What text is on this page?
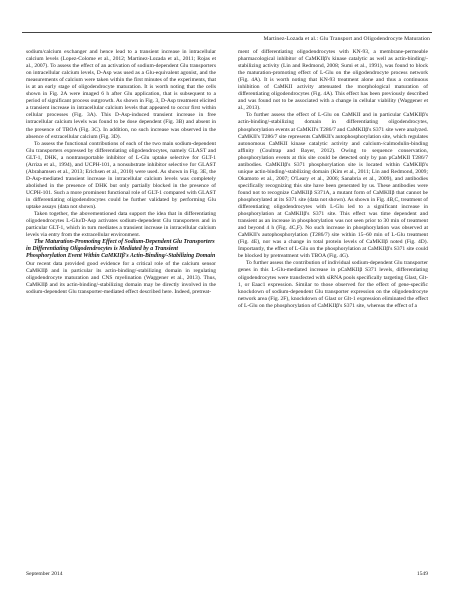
Martinez-Lozada et al.: Glu Transport and Oligodendrocyte Maturation

sodium/calcium exchanger and hence lead to a transient increase in intracellular calcium levels (Lopez-Colome et al., 2012; Martinez-Lozada et al., 2011; Rojas et al., 2007). To assess the effect of an activation of sodium-dependent Glu transporters on intracellular calcium levels, D-Asp was used as a Glu-equivalent agonist, and the measurements of calcium were taken within the first minutes of the experiments, that is at an early stage of oligodendrocyte maturation. It is worth noting that the cells shown in Fig. 2A were imaged 6 h after Glu application, that is subsequent to a period of significant process outgrowth. As shown in Fig. 3, D-Asp treatment elicited a transient increase in intracellular calcium levels that appeared to occur first within cellular processes (Fig. 3A). This D-Asp-induced transient increase in free intracellular calcium levels was found to be dose dependent (Fig. 3B) and absent in the presence of TBOA (Fig. 3C). In addition, no such increase was observed in the absence of extracellular calcium (Fig. 3D).

To assess the functional contributions of each of the two main sodium-dependent Glu transporters expressed by differentiating oligodendrocytes, namely GLAST and GLT-1, DHK, a nontransportable inhibitor of L-Glu uptake selective for GLT-1 (Arriza et al., 1994), and UCPH-101, a nonsubstrate inhibitor selective for GLAST (Abrahamsen et al., 2013; Erichsen et al., 2010) were used. As shown in Fig. 3E, the D-Asp-mediated transient increase in intracellular calcium levels was completely abolished in the presence of DHK but only partially blocked in the presence of UCPH-101. Such a more prominent functional role of GLT-1 compared with GLAST in differentiating oligodendrocytes could be further validated by performing Glu uptake assays (data not shown).

Taken together, the abovementioned data support the idea that in differentiating oligodendrocytes L-Glu/D-Asp activates sodium-dependent Glu transporters and in particular GLT-1, which in turn mediates a transient increase in intracellular calcium levels via entry from the extracellular environment.

The Maturation-Promoting Effect of Sodium-Dependent Glu Transporters in Differentiating Oligodendrocytes is Mediated by a Transient Phosphorylation Event Within CaMKIIβ's Actin-Binding/-Stabilizing Domain

Our recent data provided good evidence for a critical role of the calcium sensor CaMKIIβ and in particular its actin-binding/-stabilizing domain in regulating oligodendrocyte maturation and CNS myelination (Waggener et al., 2013). Thus, CaMKIIβ and its actin-binding/-stabilizing domain may be directly involved in the sodium-dependent Glu transporter-mediated effect described here. Indeed, pretreat-

ment of differentiating oligodendrocytes with KN-93, a membrane-permeable pharmacological inhibitor of CaMKIIβ's kinase catalytic as well as actin-binding/-stabilizing activity (Lin and Redmond, 2008; Sumi et al., 1991), was found to block the maturation-promoting effect of L-Glu on the oligodendrocyte process network (Fig. 4A). It is worth noting that KN-93 treatment alone and thus a continuous inhibition of CaMKII activity attenuated the morphological maturation of differentiating oligodendrocytes (Fig. 4A). This effect has been previously described and was found not to be associated with a change in cellular viability (Waggener et al., 2013).

To further assess the effect of L-Glu on CaMKII and in particular CaMKIIβ's actin-binding/-stabilizing domain in differentiating oligodendrocytes, phosphorylation events at CaMKII's T286/7 and CaMKIIβ's S371 site were analyzed. CaMKII's T286/7 site represents CaMKII's autophosphorylation site, which regulates autonomous CaMKII kinase catalytic activity and calcium-/calmodulin-binding affinity (Coultrap and Bayer, 2012). Owing to sequence conservation, phosphorylation events at this site could be detected only by pan pCaMKII T286/7 antibodies. CaMKIIβ's S371 phosphorylation site is located within CaMKIIβ's unique actin-binding/-stabilizing domain (Kim et al., 2011; Lin and Redmond, 2009; Okamoto et al., 2007; O'Leary et al., 2006; Sanabria et al., 2009), and antibodies specifically recognizing this site have been generated by us. These antibodies were found not to recognize CaMKIIβ S371A, a mutant form of CaMKIIβ that cannot be phosphorylated at its S371 site (data not shown). As shown in Fig. 4B,C, treatment of differentiating oligodendrocytes with L-Glu led to a significant increase in phosphorylation at CaMKIIβ's S371 site. This effect was time dependent and transient as an increase in phosphorylation was not seen prior to 30 min of treatment and beyond 4 h (Fig. 4C,F). No such increase in phosphorylation was observed at CaMKII's autophosphorylation (T286/7) site within 15–60 min of L-Glu treatment (Fig. 4E), nor was a change in total protein levels of CaMKIIβ noted (Fig. 4D). Importantly, the effect of L-Glu on the phosphorylation at CaMKIIβ's S371 site could be blocked by pretreatment with TBOA (Fig. 4G).

To further assess the contribution of individual sodium-dependent Glu transporter genes in this L-Glu-mediated increase in pCaMKIIβ S371 levels, differentiating oligodendrocytes were transfected with siRNA pools specifically targeting Glast, Glt-1, or Eaac1 expression. Similar to those observed for the effect of gene-specific knockdown of sodium-dependent Glu transporter expression on the oligodendrocyte network area (Fig. 2F), knockdown of Glast or Glt-1 expression eliminated the effect of L-Glu on the phosphorylation of CaMKIIβ's S371 site, whereas the effect of a

September 2014	1549
